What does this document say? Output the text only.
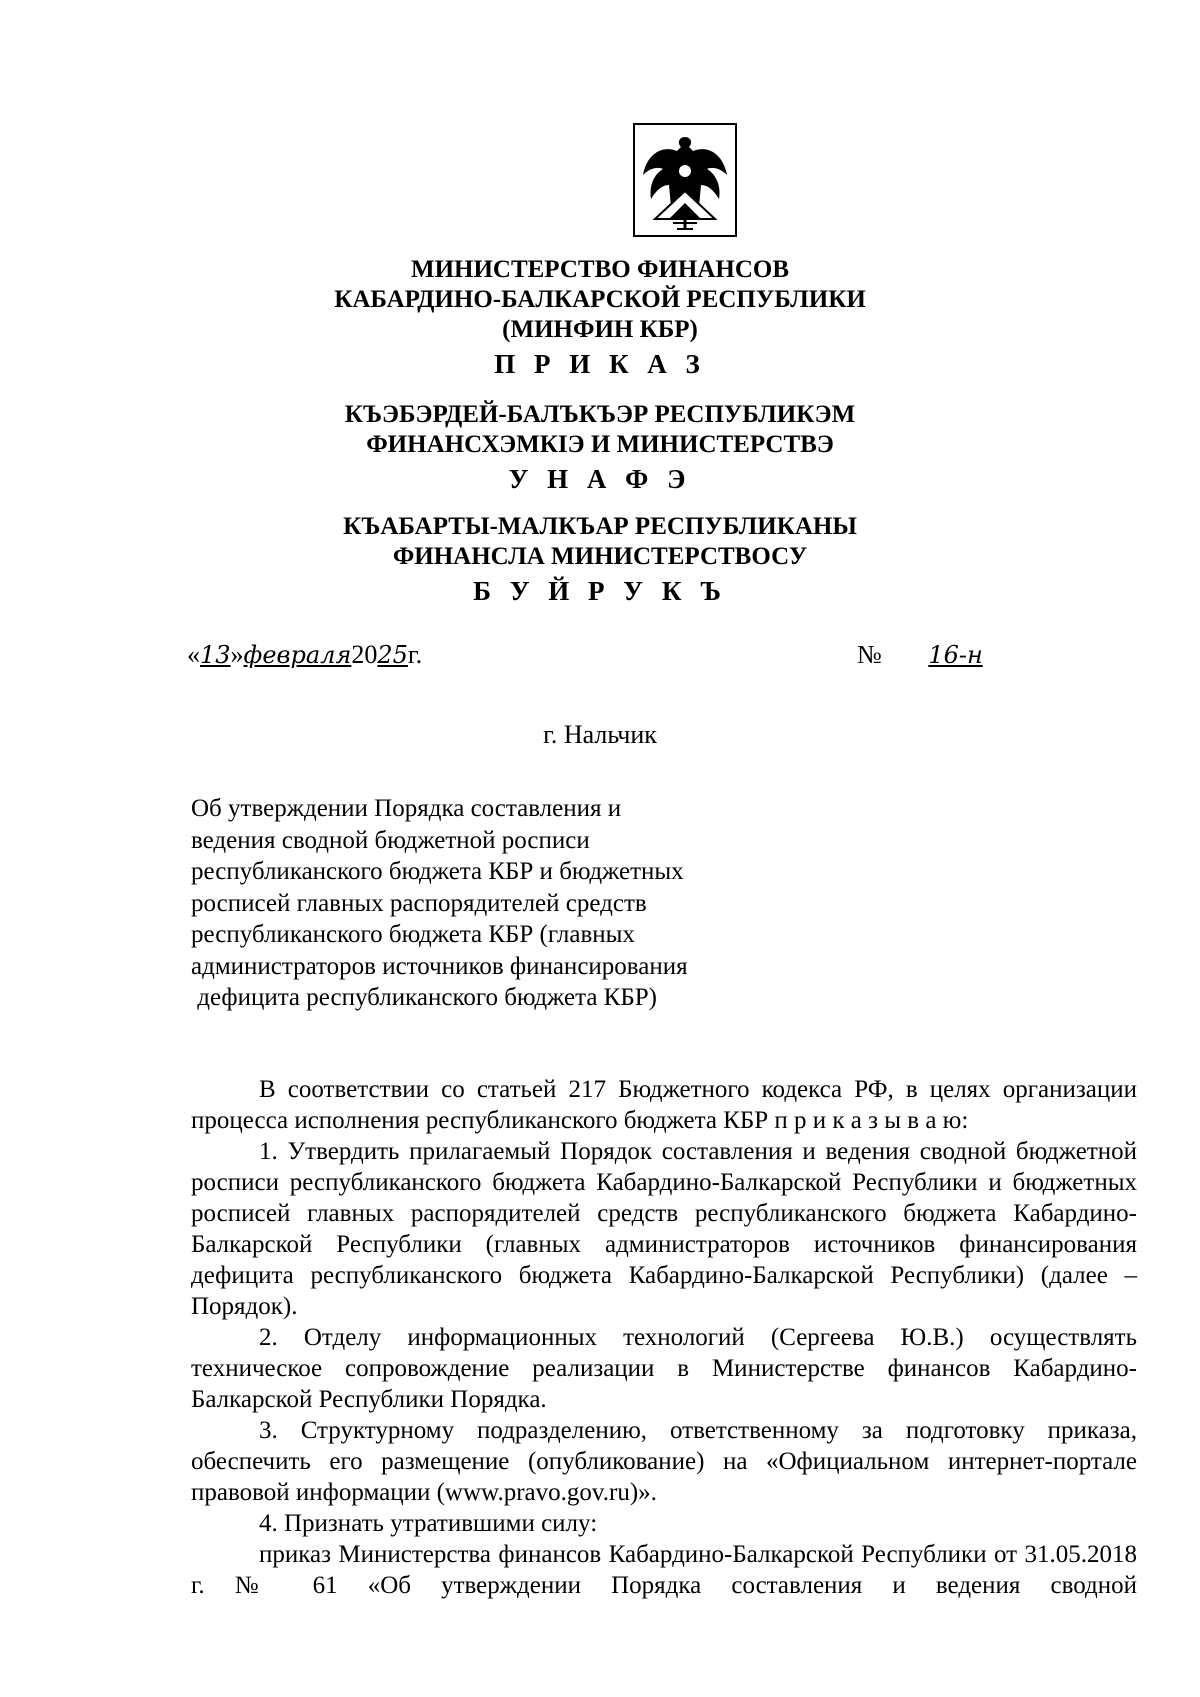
МИНИСТЕРСТВО ФИНАНСОВ
КАБАРДИНО-БАЛКАРСКОЙ РЕСПУБЛИКИ
(МИНФИН КБР)
П Р И К А З
КЪЭБЭРДЕЙ-БАЛЪКЪЭР РЕСПУБЛИКЭМ
ФИНАНСХЭМКIЭ И МИНИСТЕРСТВЭ
У Н А Ф Э
КЪАБАРТЫ-МАЛКЪАР РЕСПУБЛИКАНЫ
ФИНАНСЛА МИНИСТЕРСТВОСУ
Б У Й Р У К Ъ
«13»февраля2025г.	№ 16-н
г. Нальчик
Об утверждении Порядка составления и
ведения сводной бюджетной росписи
республиканского бюджета КБР и бюджетных
росписей главных распорядителей средств
республиканского бюджета КБР (главных
администраторов источников финансирования
дефицита республиканского бюджета КБР)

В соответствии со статьей 217 Бюджетного кодекса РФ, в целях организации процесса исполнения республиканского бюджета КБР п р и к а з ы в а ю:

1. Утвердить прилагаемый Порядок составления и ведения сводной бюджетной росписи республиканского бюджета Кабардино-Балкарской Республики и бюджетных росписей главных распорядителей средств республиканского бюджета Кабардино-Балкарской Республики (главных администраторов источников финансирования дефицита республиканского бюджета Кабардино-Балкарской Республики) (далее – Порядок).

2. Отделу информационных технологий (Сергеева Ю.В.) осуществлять техническое сопровождение реализации в Министерстве финансов Кабардино-Балкарской Республики Порядка.

3. Структурному подразделению, ответственному за подготовку приказа, обеспечить его размещение (опубликование) на «Официальном интернет-портале правовой информации (www.pravo.gov.ru)».

4. Признать утратившими силу:

приказ Министерства финансов Кабардино-Балкарской Республики от 31.05.2018 г. № 61 «Об утверждении Порядка составления и ведения сводной
